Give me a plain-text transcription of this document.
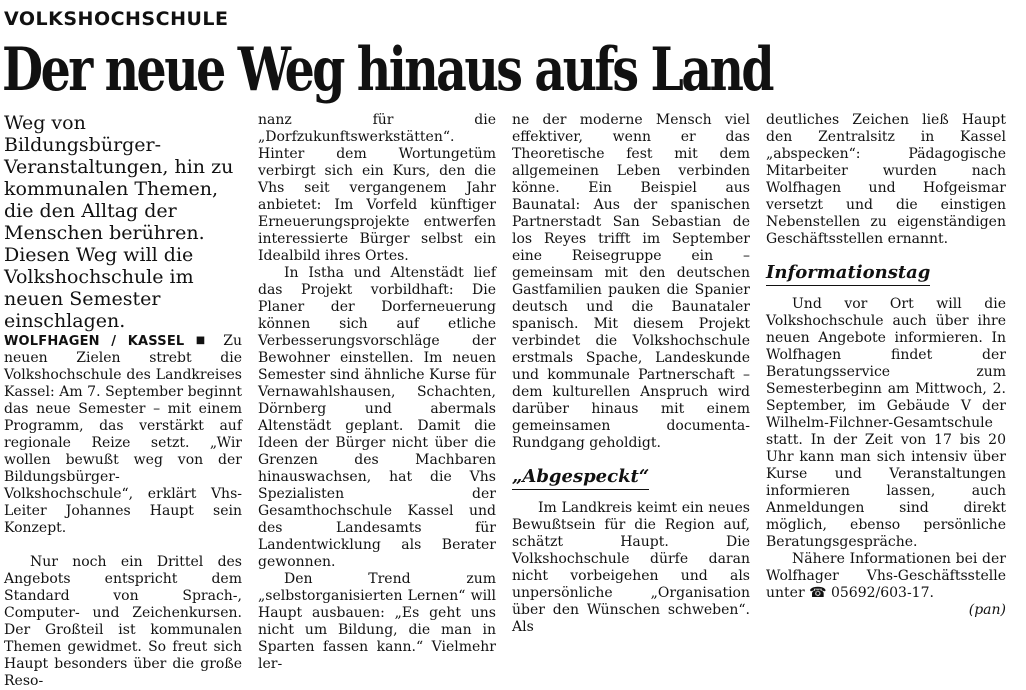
VOLKSHOCHSCHULE
Der neue Weg hinaus aufs Land

Weg von Bildungsbürger-Veranstaltungen, hin zu kommunalen Themen, die den Alltag der Menschen berühren. Diesen Weg will die Volkshochschule im neuen Semester einschlagen.

WOLFHAGEN / KASSEL ■ Zu neuen Zielen strebt die Volkshochschule des Landkreises Kassel: Am 7. September beginnt das neue Semester – mit einem Programm, das verstärkt auf regionale Reize setzt. „Wir wollen bewußt weg von der Bildungsbürger-Volkshochschule“, erklärt Vhs-Leiter Johannes Haupt sein Konzept.

Nur noch ein Drittel des Angebots entspricht dem Standard von Sprach-, Computer- und Zeichenkursen. Der Großteil ist kommunalen Themen gewidmet. So freut sich Haupt besonders über die große Reso-

nanz für die „Dorfzukunftswerkstätten“. Hinter dem Wortungetüm verbirgt sich ein Kurs, den die Vhs seit vergangenem Jahr anbietet: Im Vorfeld künftiger Erneuerungsprojekte entwerfen interessierte Bürger selbst ein Idealbild ihres Ortes.

In Istha und Altenstädt lief das Projekt vorbildhaft: Die Planer der Dorferneuerung können sich auf etliche Verbesserungsvorschläge der Bewohner einstellen. Im neuen Semester sind ähnliche Kurse für Vernawahlshausen, Schachten, Dörnberg und abermals Altenstädt geplant. Damit die Ideen der Bürger nicht über die Grenzen des Machbaren hinauswachsen, hat die Vhs Spezialisten der Gesamthochschule Kassel und des Landesamts für Landentwicklung als Berater gewonnen.

Den Trend zum „selbstorganisierten Lernen“ will Haupt ausbauen: „Es geht uns nicht um Bildung, die man in Sparten fassen kann.“ Vielmehr ler-

ne der moderne Mensch viel effektiver, wenn er das Theoretische fest mit dem allgemeinen Leben verbinden könne. Ein Beispiel aus Baunatal: Aus der spanischen Partnerstadt San Sebastian de los Reyes trifft im September eine Reisegruppe ein – gemeinsam mit den deutschen Gastfamilien pauken die Spanier deutsch und die Baunataler spanisch. Mit diesem Projekt verbindet die Volkshochschule erstmals Spache, Landeskunde und kommunale Partnerschaft – dem kulturellen Anspruch wird darüber hinaus mit einem gemeinsamen documenta-Rundgang geholdigt.

„Abgespeckt“

Im Landkreis keimt ein neues Bewußtsein für die Region auf, schätzt Haupt. Die Volkshochschule dürfe daran nicht vorbeigehen und als unpersönliche „Organisation über den Wünschen schweben“. Als

deutliches Zeichen ließ Haupt den Zentralsitz in Kassel „abspecken“: Pädagogische Mitarbeiter wurden nach Wolfhagen und Hofgeismar versetzt und die einstigen Nebenstellen zu eigenständigen Geschäftsstellen ernannt.

Informationstag

Und vor Ort will die Volkshochschule auch über ihre neuen Angebote informieren. In Wolfhagen findet der Beratungsservice zum Semesterbeginn am Mittwoch, 2. September, im Gebäude V der Wilhelm-Filchner-Gesamtschule statt. In der Zeit von 17 bis 20 Uhr kann man sich intensiv über Kurse und Veranstaltungen informieren lassen, auch Anmeldungen sind direkt möglich, ebenso persönliche Beratungsgespräche.

Nähere Informationen bei der Wolfhager Vhs-Geschäftsstelle unter ☎ 05692/603-17.

(pan)
